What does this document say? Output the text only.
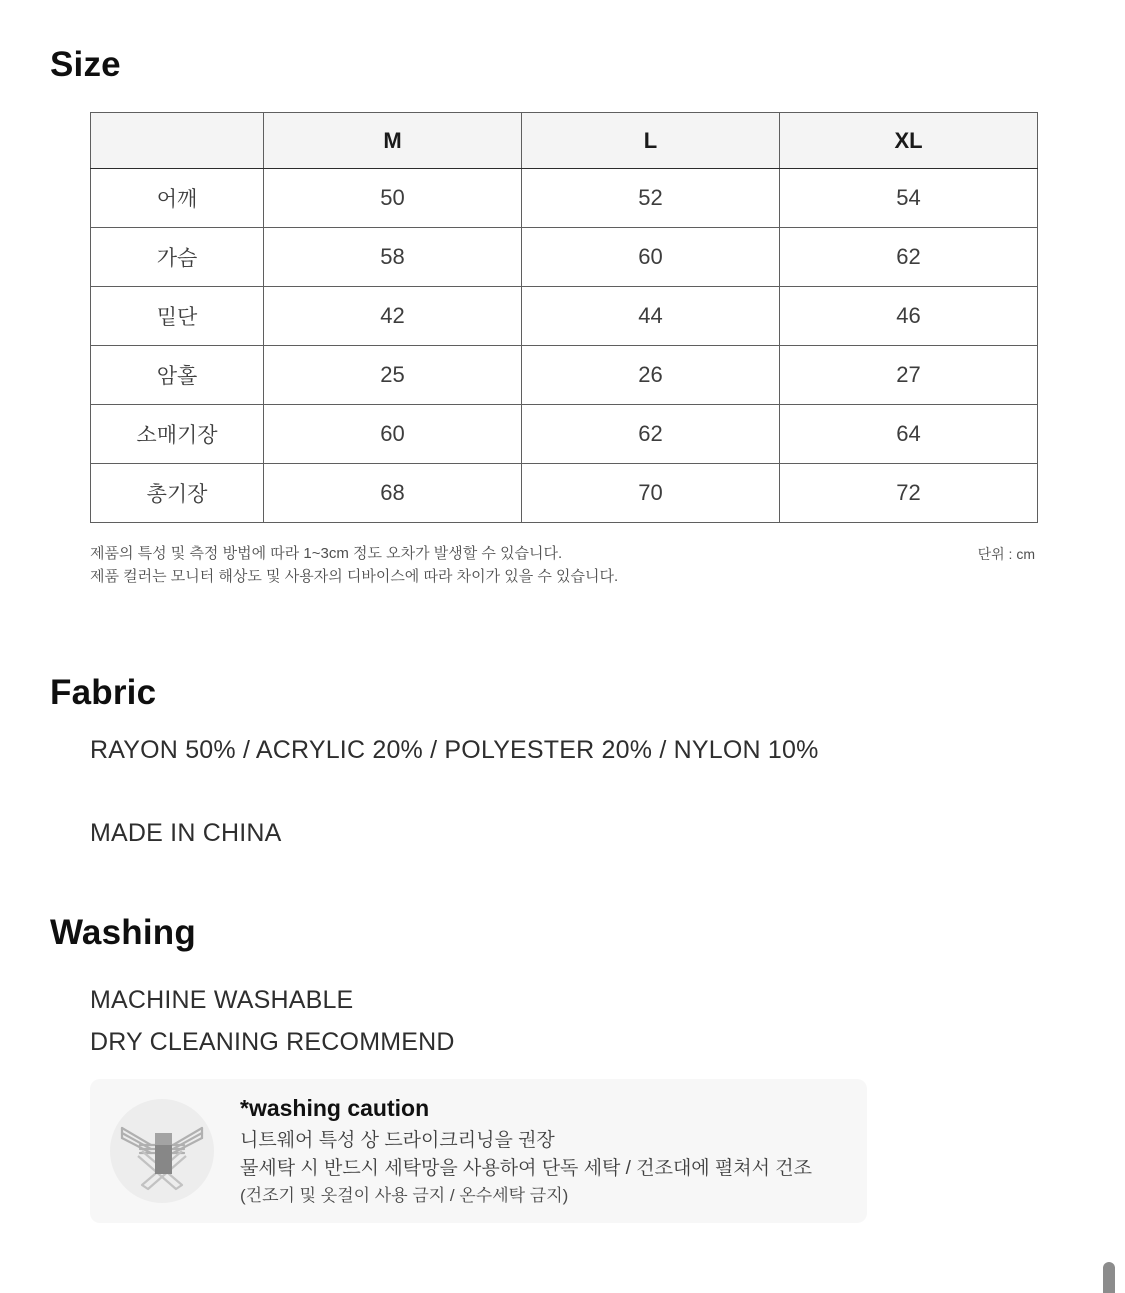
Size
	M	L	XL
어깨	50	52	54
가슴	58	60	62
밑단	42	44	46
암홀	25	26	27
소매기장	60	62	64
총기장	68	70	72
제품의 특성 및 측정 방법에 따라 1~3cm 정도 오차가 발생할 수 있습니다.
제품 컬러는 모니터 해상도 및 사용자의 디바이스에 따라 차이가 있을 수 있습니다.
단위 : cm
Fabric
RAYON 50% / ACRYLIC 20% / POLYESTER 20% / NYLON 10%
MADE IN CHINA
Washing
MACHINE WASHABLE
DRY CLEANING RECOMMEND
*washing caution
니트웨어 특성 상 드라이크리닝을 권장
물세탁 시 반드시 세탁망을 사용하여 단독 세탁 / 건조대에 펼쳐서 건조
(건조기 및 옷걸이 사용 금지 / 온수세탁 금지)
